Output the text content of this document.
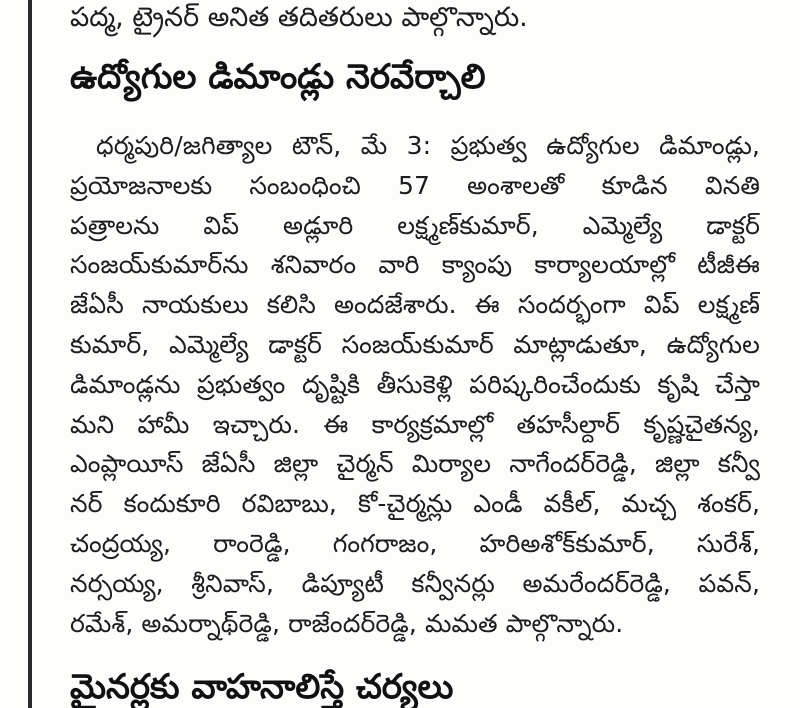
పద్మ, ట్రైనర్ అనిత తదితరులు పాల్గొన్నారు.
ఉద్యోగుల డిమాండ్లు నెరవేర్చాలి
ధర్మపురి/జగిత్యాల టౌన్, మే 3: ప్రభుత్వ ఉద్యోగుల డిమాండ్లు,
ప్రయోజనాలకు సంబంధించి 57 అంశాలతో కూడిన వినతి
పత్రాలను విప్ అడ్లూరి లక్ష్మణ్‌కుమార్, ఎమ్మెల్యే డాక్టర్
సంజయ్‌కుమార్‌ను శనివారం వారి క్యాంపు కార్యాలయాల్లో టీజీఈ
జేఏసీ నాయకులు కలిసి అందజేశారు. ఈ సందర్భంగా విప్ లక్ష్మణ్
కుమార్, ఎమ్మెల్యే డాక్టర్ సంజయ్‌కుమార్ మాట్లాడుతూ, ఉద్యోగుల
డిమాండ్లను ప్రభుత్వం దృష్టికి తీసుకెళ్లి పరిష్కరించేందుకు కృషి చేస్తా
మని హామీ ఇచ్చారు. ఈ కార్యక్రమాల్లో తహసీల్దార్ కృష్ణచైతన్య,
ఎంప్లాయీస్ జేఏసీ జిల్లా చైర్మన్ మిర్యాల నాగేందర్‌రెడ్డి, జిల్లా కన్వీ
నర్ కందుకూరి రవిబాబు, కో-చైర్మన్లు ఎండీ వకీల్, మచ్చ శంకర్,
చంద్రయ్య, రాంరెడ్డి, గంగరాజం, హరిఅశోక్‌కుమార్, సురేశ్,
నర్సయ్య, శ్రీనివాస్, డిప్యూటీ కన్వీనర్లు అమరేందర్‌రెడ్డి, పవన్,
రమేశ్, అమర్నాథ్‌రెడ్డి, రాజేందర్‌రెడ్డి, మమత పాల్గొన్నారు.
మైనర్లకు వాహనాలిస్తే చర్యలు
